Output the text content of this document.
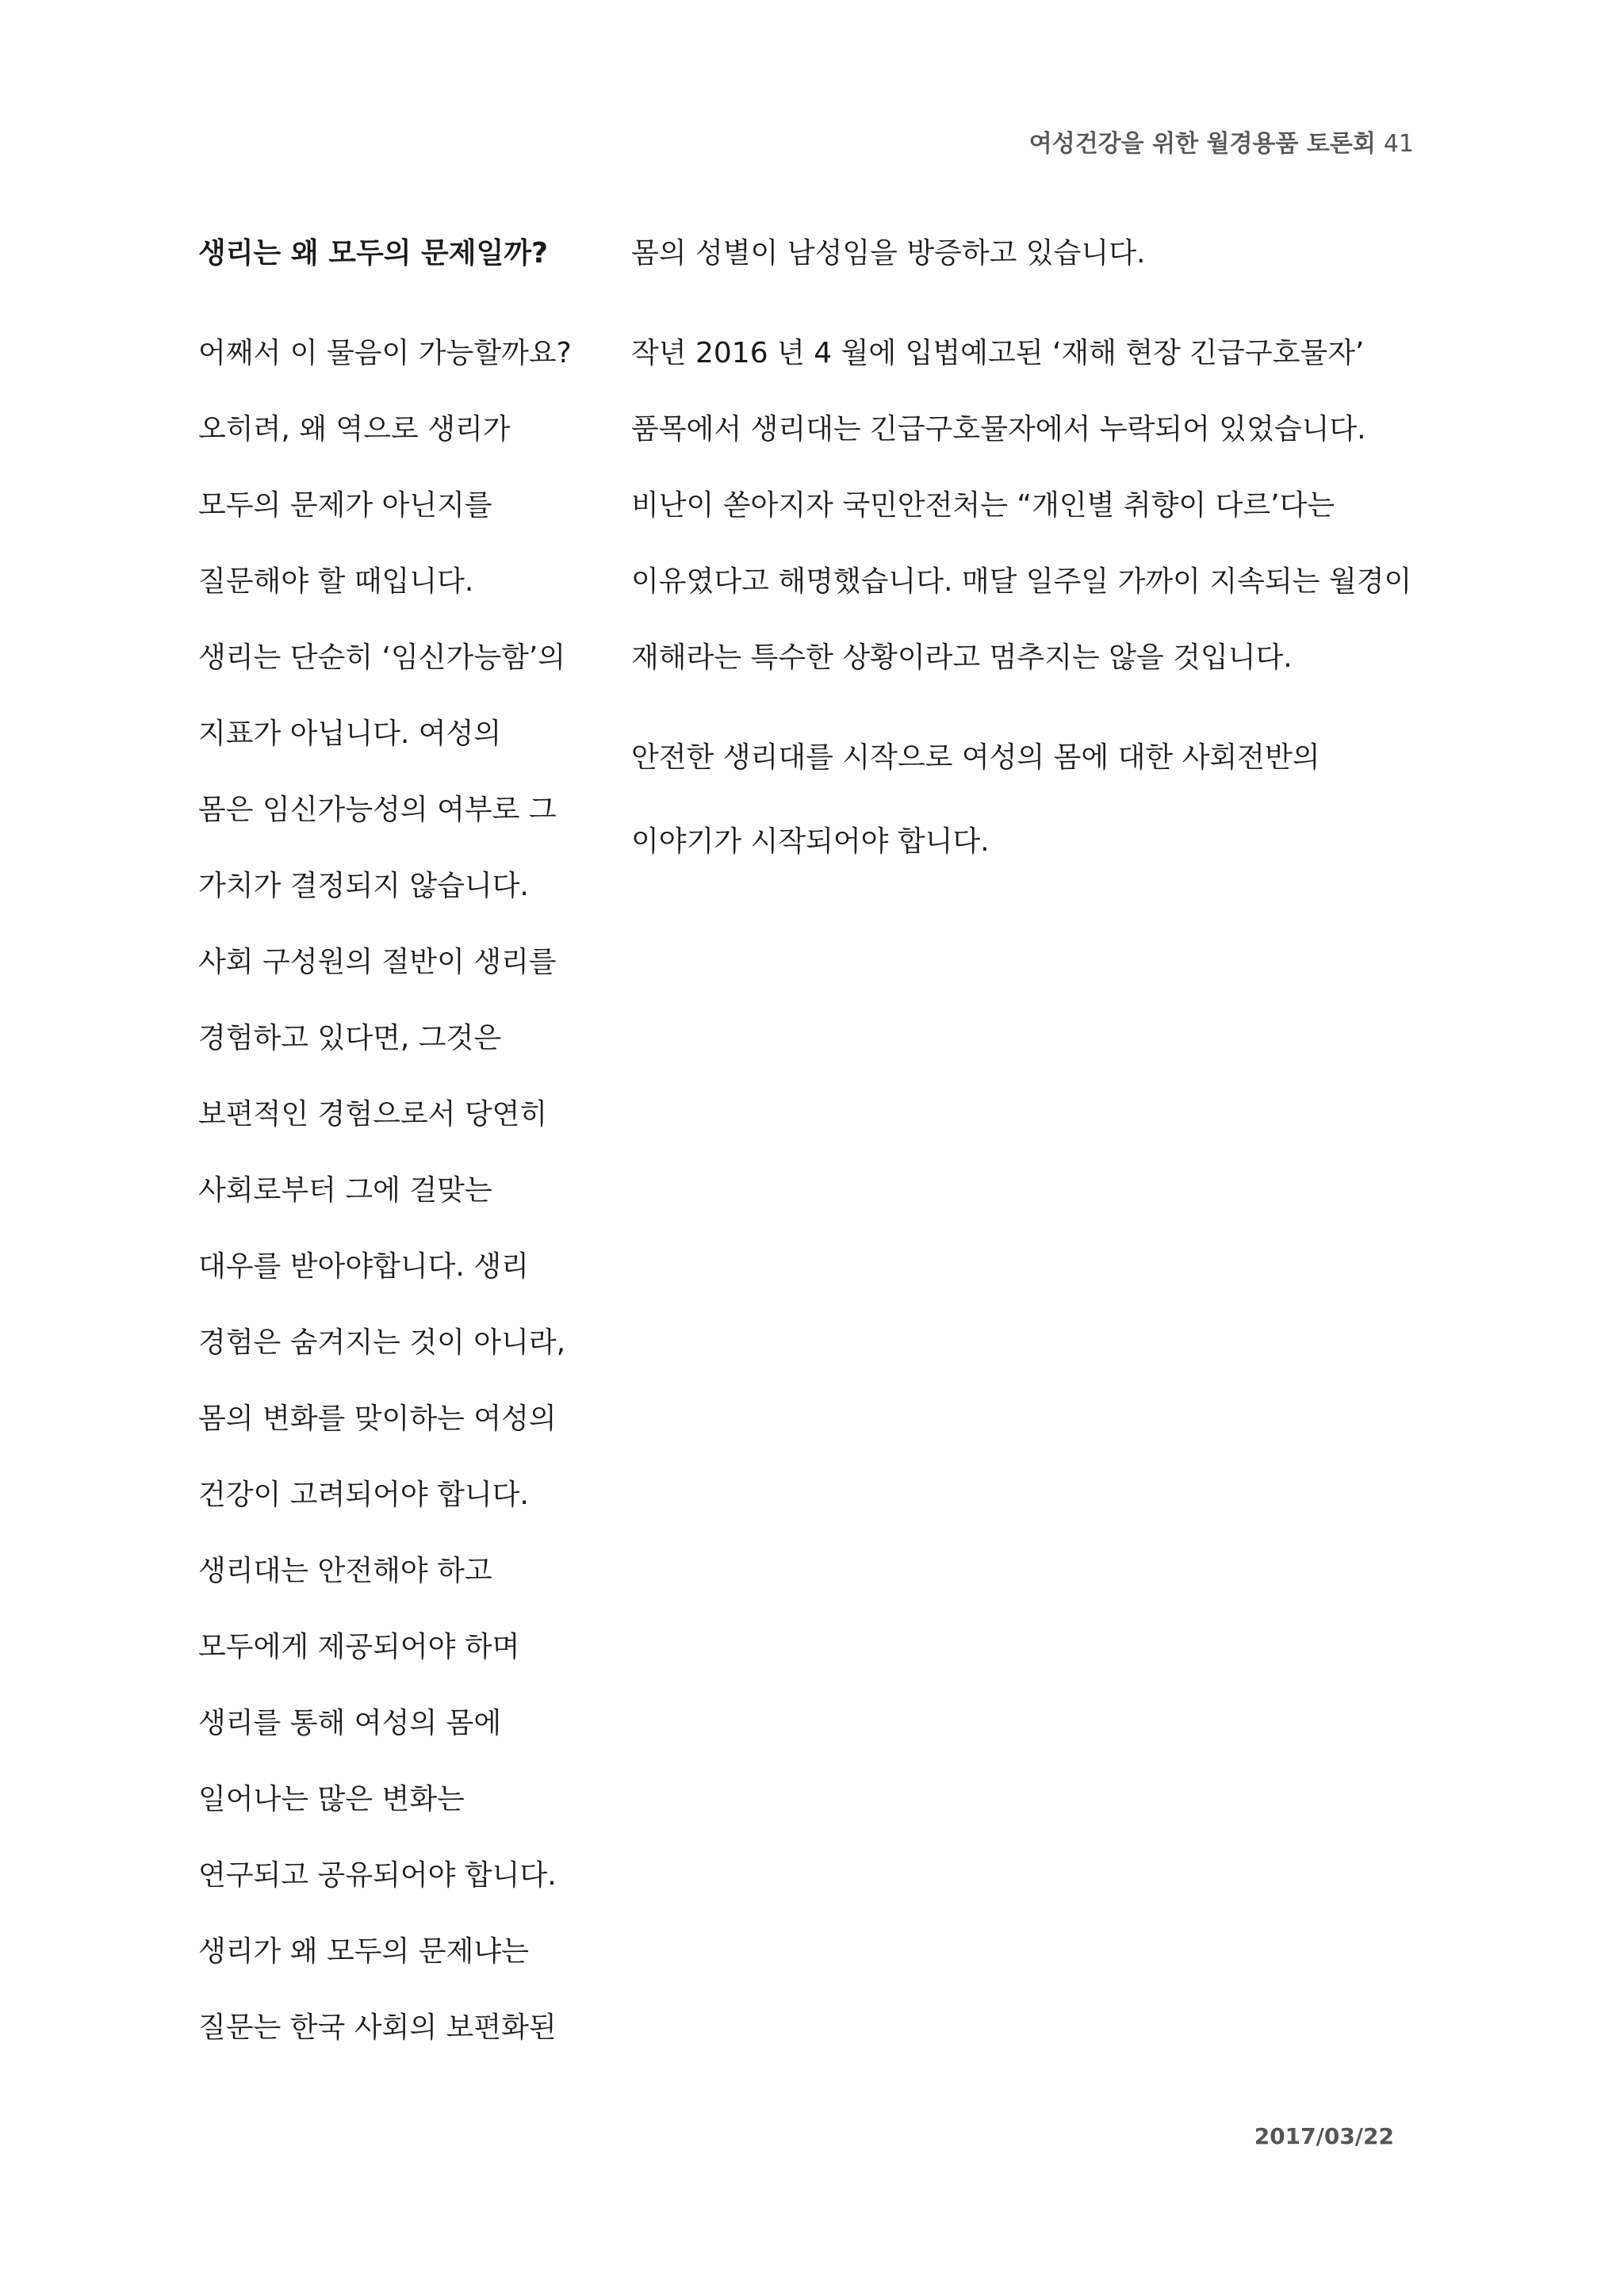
여성건강을 위한 월경용품 토론회 41
생리는 왜 모두의 문제일까?
어째서 이 물음이 가능할까요?
오히려, 왜 역으로 생리가
모두의 문제가 아닌지를
질문해야 할 때입니다.
생리는 단순히 ‘임신가능함’의
지표가 아닙니다. 여성의
몸은 임신가능성의 여부로 그
가치가 결정되지 않습니다.
사회 구성원의 절반이 생리를
경험하고 있다면, 그것은
보편적인 경험으로서 당연히
사회로부터 그에 걸맞는
대우를 받아야합니다. 생리
경험은 숨겨지는 것이 아니라,
몸의 변화를 맞이하는 여성의
건강이 고려되어야 합니다.
생리대는 안전해야 하고
모두에게 제공되어야 하며
생리를 통해 여성의 몸에
일어나는 많은 변화는
연구되고 공유되어야 합니다.
생리가 왜 모두의 문제냐는
질문는 한국 사회의 보편화된
몸의 성별이 남성임을 방증하고 있습니다.
작년 2016 년 4 월에 입법예고된 ‘재해 현장 긴급구호물자’
품목에서 생리대는 긴급구호물자에서 누락되어 있었습니다.
비난이 쏟아지자 국민안전처는 “개인별 취향이 다르’다는
이유였다고 해명했습니다. 매달 일주일 가까이 지속되는 월경이
재해라는 특수한 상황이라고 멈추지는 않을 것입니다.
안전한 생리대를 시작으로 여성의 몸에 대한 사회전반의
이야기가 시작되어야 합니다.
2017/03/22
